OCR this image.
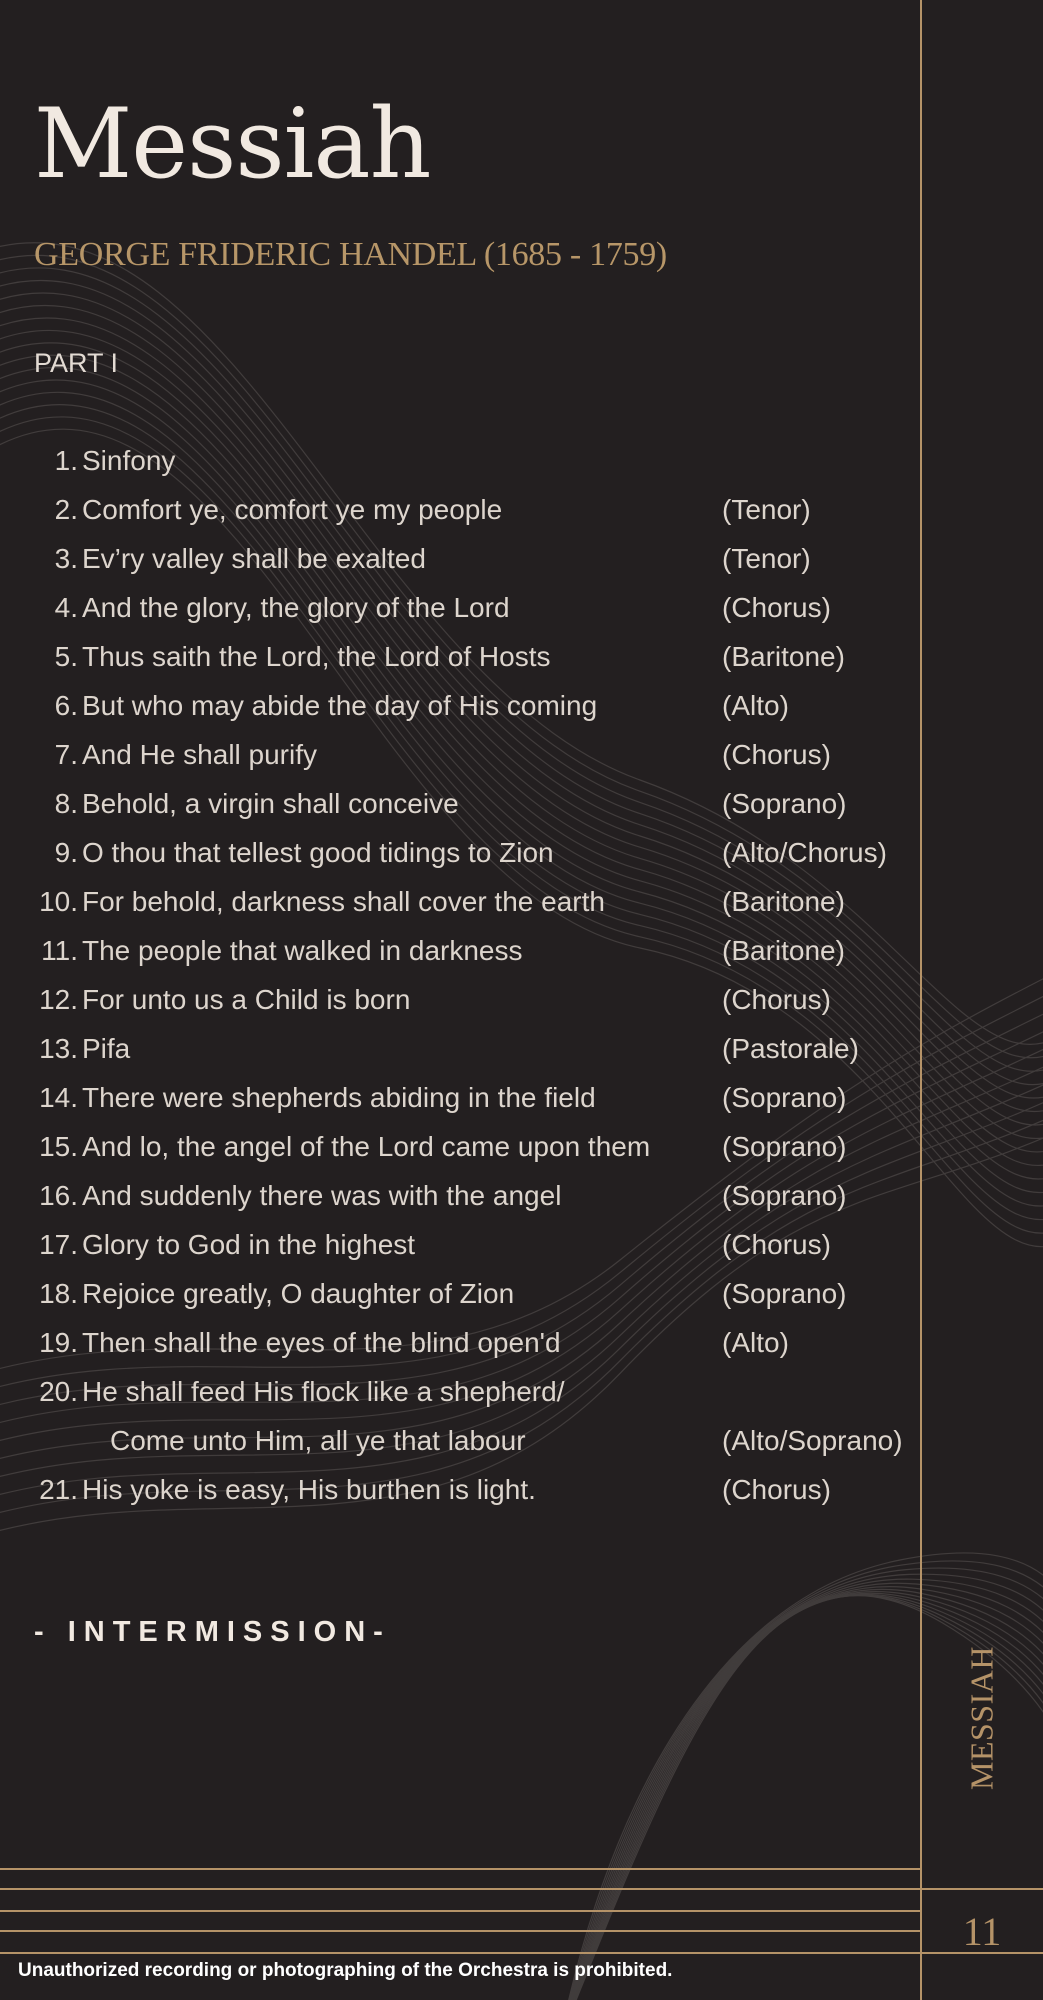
Messiah
GEORGE FRIDERIC HANDEL (1685 - 1759)
PART I
1. Sinfony
2. Comfort ye, comfort ye my people	(Tenor)
3. Ev’ry valley shall be exalted	(Tenor)
4. And the glory, the glory of the Lord	(Chorus)
5. Thus saith the Lord, the Lord of Hosts	(Baritone)
6. But who may abide the day of His coming	(Alto)
7. And He shall purify	(Chorus)
8. Behold, a virgin shall conceive	(Soprano)
9. O thou that tellest good tidings to Zion	(Alto/Chorus)
10. For behold, darkness shall cover the earth	(Baritone)
11. The people that walked in darkness	(Baritone)
12. For unto us a Child is born	(Chorus)
13. Pifa	(Pastorale)
14. There were shepherds abiding in the field	(Soprano)
15. And lo, the angel of the Lord came upon them	(Soprano)
16. And suddenly there was with the angel	(Soprano)
17. Glory to God in the highest	(Chorus)
18. Rejoice greatly, O daughter of Zion	(Soprano)
19. Then shall the eyes of the blind open'd	(Alto)
20. He shall feed His flock like a shepherd/
Come unto Him, all ye that labour	(Alto/Soprano)
21. His yoke is easy, His burthen is light.	(Chorus)
- INTERMISSION-
MESSIAH
11
Unauthorized recording or photographing of the Orchestra is prohibited.
